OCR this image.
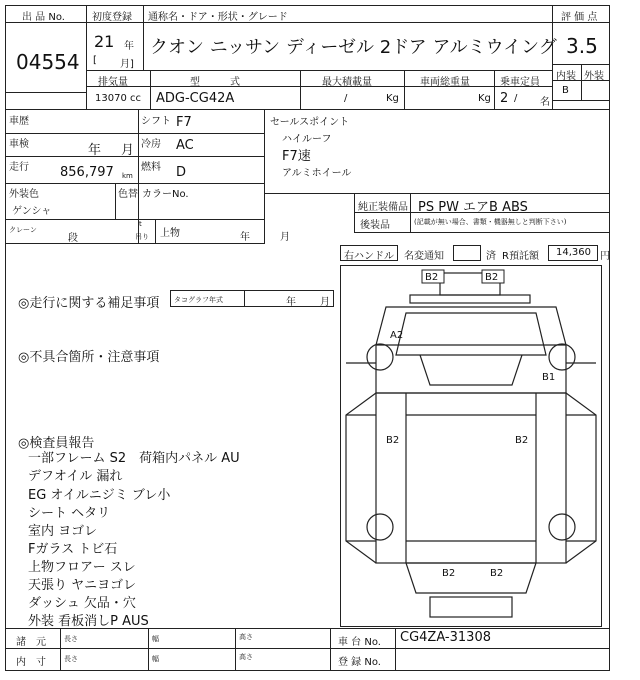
出 品 No.
04554
初度登録 通称名・ドア・形状・グレード
21 年
[ 月]
クオン ニッサン ディーゼル 2ドア アルミウイング
評 価 点
3.5
内装 外装
B
排気量	型　　　式	最大積載量	車両総重量	乗車定員
13070 cc ADG-CG42A	/	Kg	Kg 2 / 名
車歴	シフト F7
車検	年 月 冷房 AC
走行 856,797 km
燃料 D
外装色
ゲンシャ
色替 カラーNo.
クレーン
段
t
吊り 上物	年	月
セールスポイント
ハイルーフ
F7速
アルミホイール
純正装備品 PS PW エアB ABS
後装品	(記載が無い場合、書類・機器無しと判断下さい)
右ハンドル 名変通知	済 R預託額 14,360 円
◎走行に関する補足事項 タコグラフ年式	年 月
◎不具合箇所・注意事項
◎検査員報告
一部フレーム S2　荷箱内パネル AU
デフオイル 漏れ
EG オイルニジミ ブレ小
シート ヘタリ
室内 ヨゴレ
Fガラス トビ石
上物フロアー スレ
天張り ヤニヨゴレ
ダッシュ 欠品・穴
外装 看板消しP AUS
B2	B2
A2
B1
B2	B2
B2	B2
諸　元
内　寸
長さ	幅	高さ
長さ	幅	高さ
車 台 No. CG4ZA-31308
登 録 No.
